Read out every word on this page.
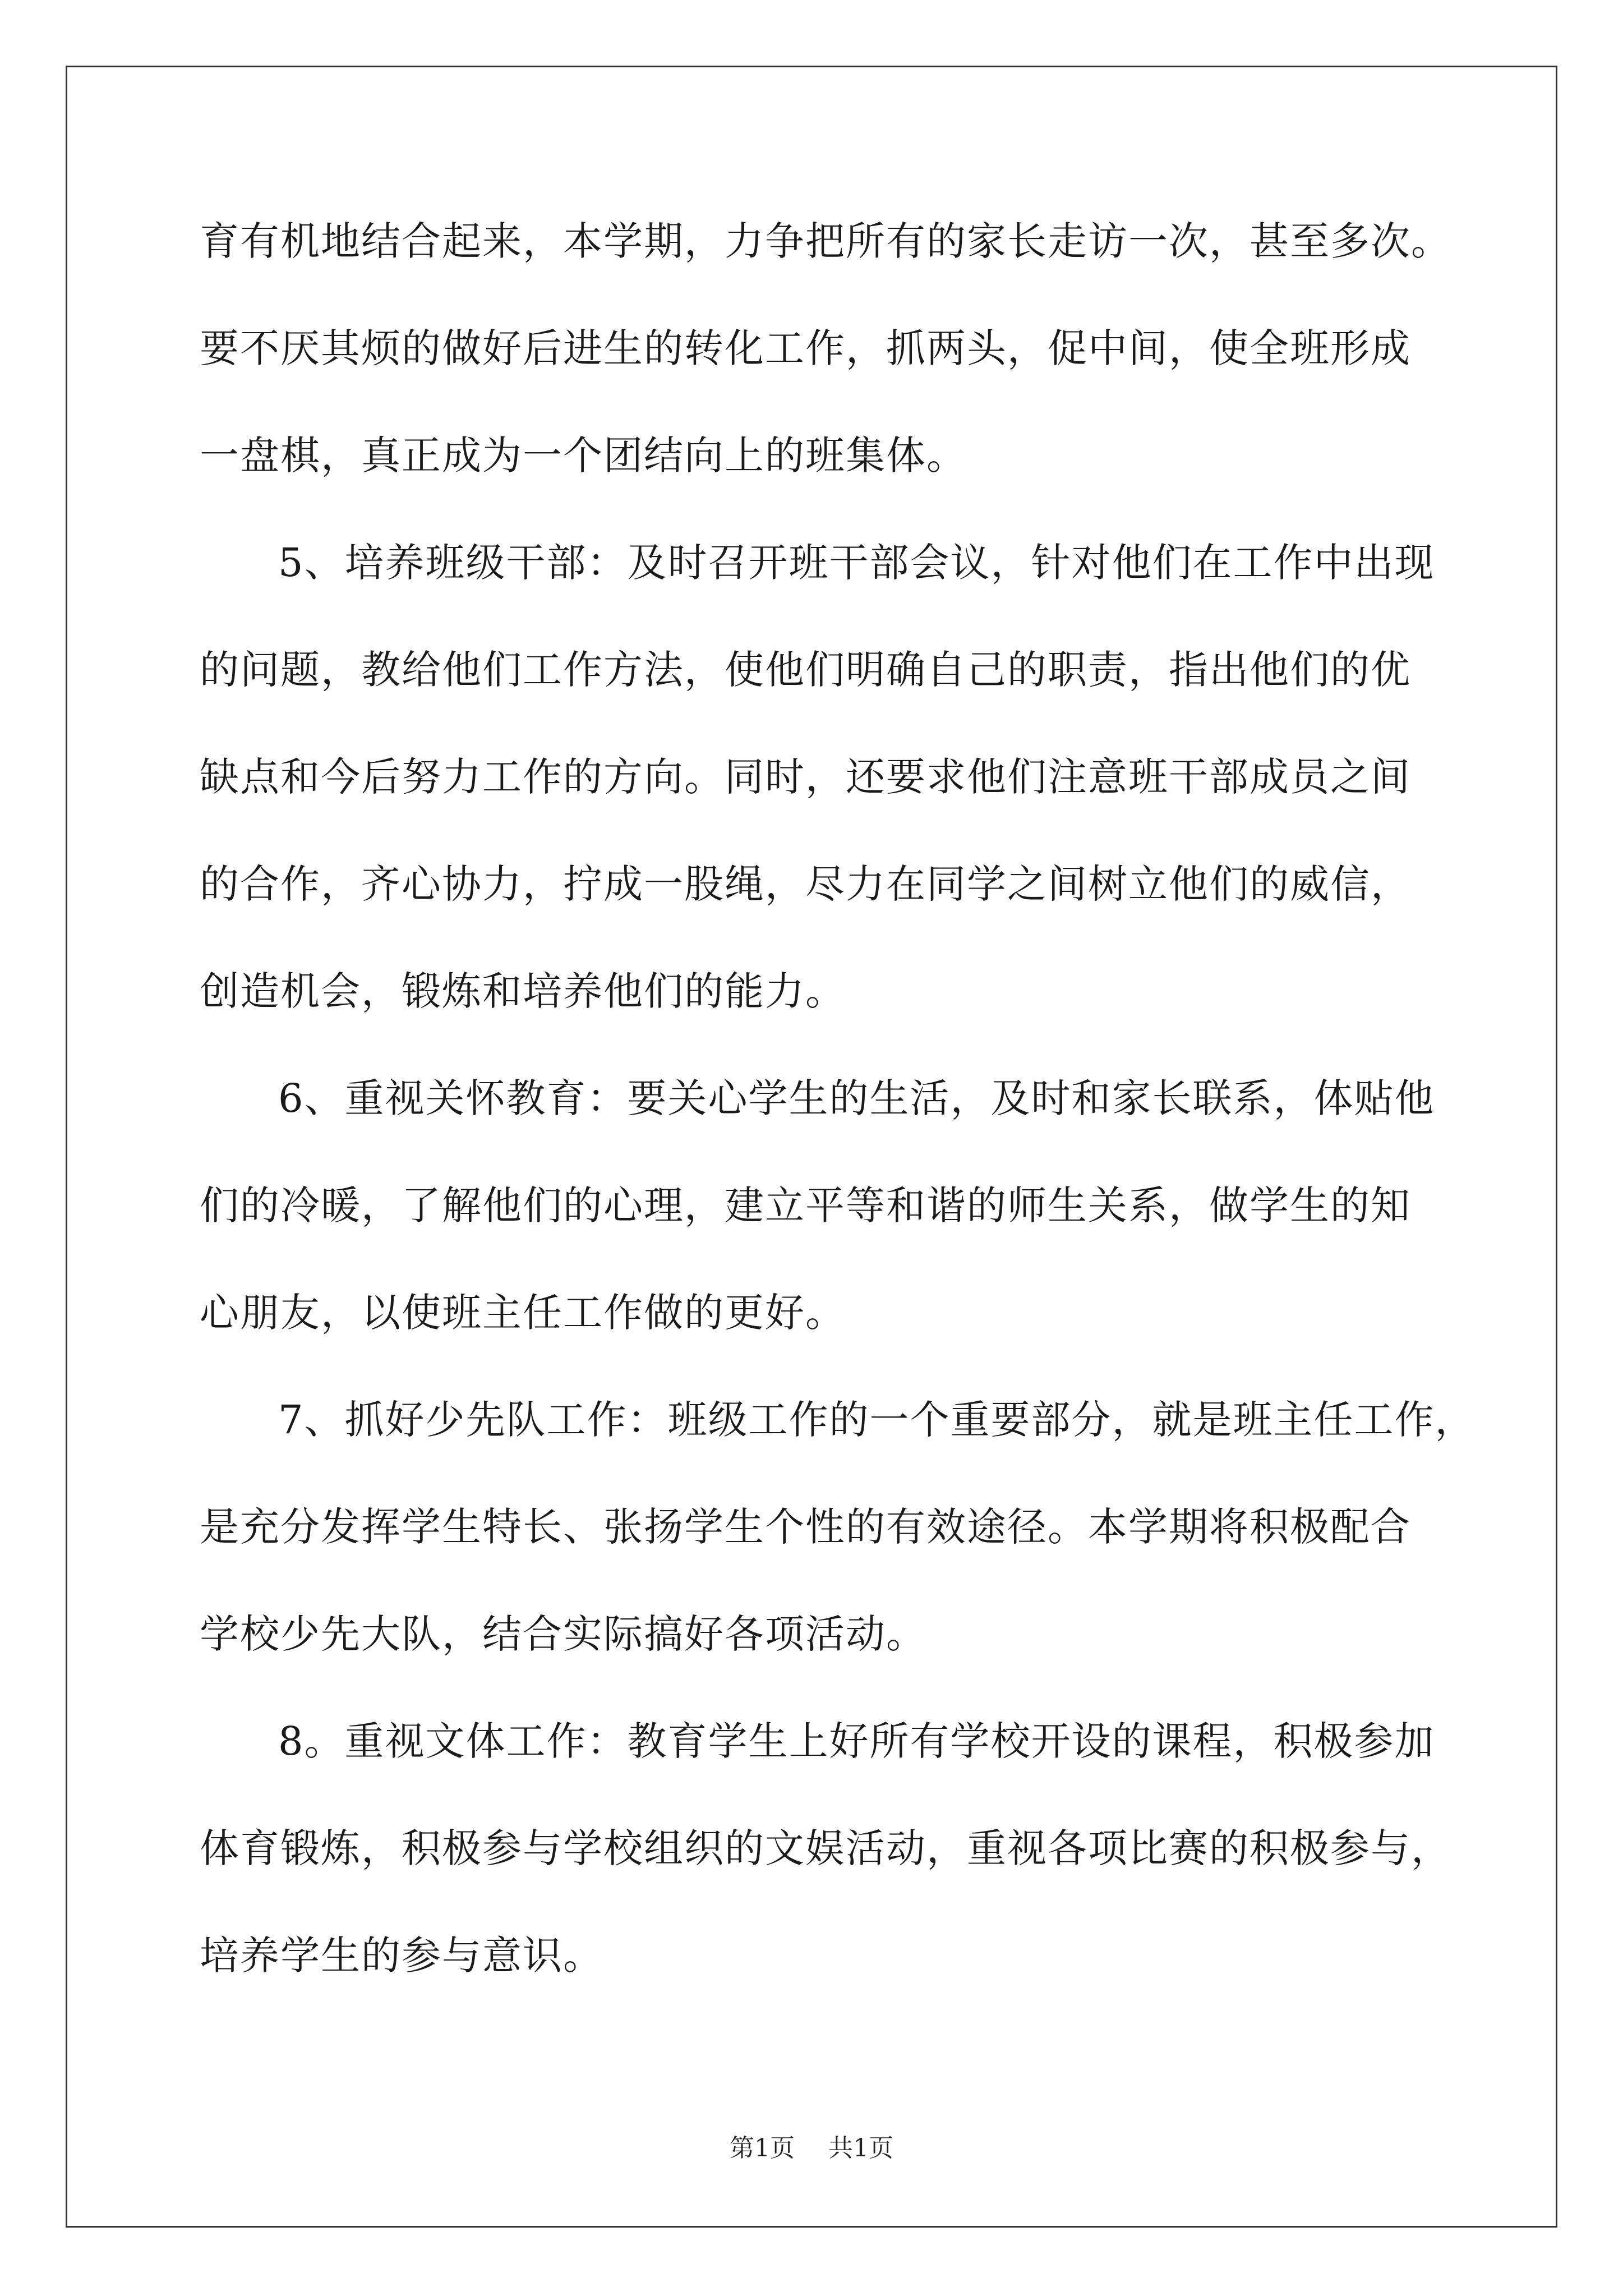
育有机地结合起来，本学期，力争把所有的家长走访一次，甚至多次。
要不厌其烦的做好后进生的转化工作，抓两头，促中间，使全班形成
一盘棋，真正成为一个团结向上的班集体。
5、培养班级干部：及时召开班干部会议，针对他们在工作中出现
的问题，教给他们工作方法，使他们明确自己的职责，指出他们的优
缺点和今后努力工作的方向。同时，还要求他们注意班干部成员之间
的合作，齐心协力，拧成一股绳，尽力在同学之间树立他们的威信，
创造机会，锻炼和培养他们的能力。
6、重视关怀教育：要关心学生的生活，及时和家长联系，体贴他
们的冷暖，了解他们的心理，建立平等和谐的师生关系，做学生的知
心朋友，以使班主任工作做的更好。
7、抓好少先队工作：班级工作的一个重要部分，就是班主任工作，
是充分发挥学生特长、张扬学生个性的有效途径。本学期将积极配合
学校少先大队，结合实际搞好各项活动。
8。重视文体工作：教育学生上好所有学校开设的课程，积极参加
体育锻炼，积极参与学校组织的文娱活动，重视各项比赛的积极参与，
培养学生的参与意识。
第1页 共1页
